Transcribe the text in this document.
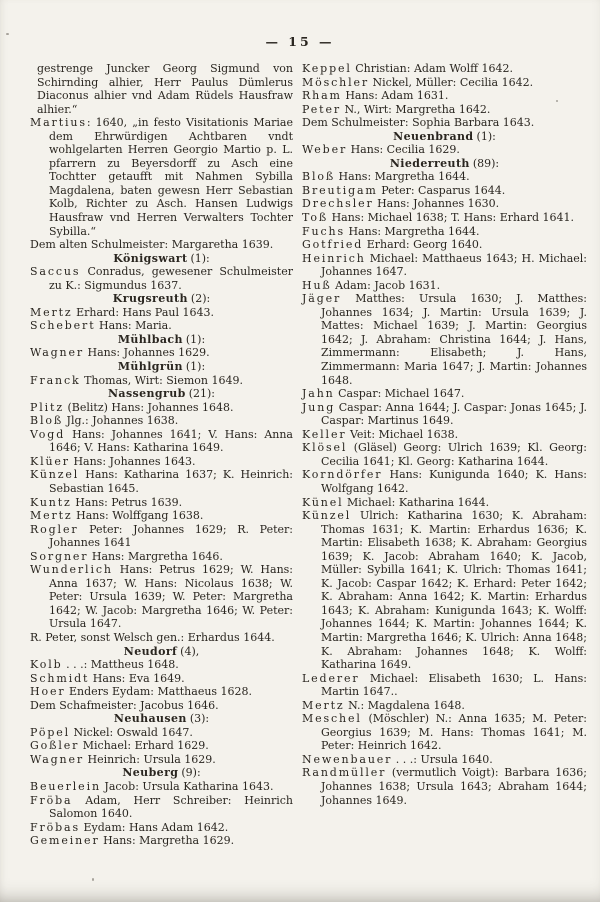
— 15 —
gestrenge Juncker Georg Sigmund von Schirnding alhier, Herr Paulus Dümlerus Diaconus alhier vnd Adam Rüdels Hausfraw alhier.“
Martius: 1640, „in festo Visitationis Mariae dem Ehrwürdigen Achtbaren vndt wohlgelarten Herren Georgio Martio p. L. pfarrern zu Beyersdorff zu Asch eine Tochtter getaufft mit Nahmen Sybilla Magdalena, baten gewesn Herr Sebastian Kolb, Richter zu Asch. Hansen Ludwigs Hausfraw vnd Herren Verwalters Tochter Sybilla.“
Dem alten Schulmeister: Margaretha 1639.
Königswart (1):
Saccus Conradus, gewesener Schulmeister zu K.: Sigmundus 1637.
Krugsreuth (2):
Mertz Erhard: Hans Paul 1643.
Schebert Hans: Maria.
Mühlbach (1):
Wagner Hans: Johannes 1629.
Mühlgrün (1):
Franck Thomas, Wirt: Siemon 1649.
Nassengrub (21):
Plitz (Belitz) Hans: Johannes 1648.
Bloß Jlg.: Johannes 1638.
Vogd Hans: Johannes 1641; V. Hans: Anna 1646; V. Hans: Katharina 1649.
Klüer Hans: Johannes 1643.
Künzel Hans: Katharina 1637; K. Heinrich: Sebastian 1645.
Kuntz Hans: Petrus 1639.
Mertz Hans: Wolffgang 1638.
Rogler Peter: Johannes 1629; R. Peter: Johannes 1641
Sorgner Hans: Margretha 1646.
Wunderlich Hans: Petrus 1629; W. Hans: Anna 1637; W. Hans: Nicolaus 1638; W. Peter: Ursula 1639; W. Peter: Margretha 1642; W. Jacob: Margretha 1646; W. Peter: Ursula 1647.
R. Peter, sonst Welsch gen.: Erhardus 1644.
Neudorf (4),
Kolb . . .: Mattheus 1648.
Schmidt Hans: Eva 1649.
Hoer Enders Eydam: Matthaeus 1628.
Dem Schafmeister: Jacobus 1646.
Neuhausen (3):
Pöpel Nickel: Oswald 1647.
Goßler Michael: Erhard 1629.
Wagner Heinrich: Ursula 1629.
Neuberg (9):
Beuerlein Jacob: Ursula Katharina 1643.
Fröba Adam, Herr Schreiber: Heinrich Salomon 1640.
Fröbas Eydam: Hans Adam 1642.
Gemeiner Hans: Margretha 1629.
Keppel Christian: Adam Wolff 1642.
Möschler Nickel, Müller: Cecilia 1642.
Rham Hans: Adam 1631.
Peter N., Wirt: Margretha 1642.
Dem Schulmeister: Sophia Barbara 1643.
Neuenbrand (1):
Weber Hans: Cecilia 1629.
Niederreuth (89):
Bloß Hans: Margretha 1644.
Breutigam Peter: Casparus 1644.
Drechsler Hans: Johannes 1630.
Toß Hans: Michael 1638; T. Hans: Erhard 1641.
Fuchs Hans: Margretha 1644.
Gotfried Erhard: Georg 1640.
Heinrich Michael: Matthaeus 1643; H. Michael: Johannes 1647.
Huß Adam: Jacob 1631.
Jäger Matthes: Ursula 1630; J. Matthes: Johannes 1634; J. Martin: Ursula 1639; J. Mattes: Michael 1639; J. Martin: Georgius 1642; J. Abraham: Christina 1644; J. Hans, Zimmermann: Elisabeth; J. Hans, Zimmermann: Maria 1647; J. Martin: Johannes 1648.
Jahn Caspar: Michael 1647.
Jung Caspar: Anna 1644; J. Caspar: Jonas 1645; J. Caspar: Martinus 1649.
Keller Veit: Michael 1638.
Klösel (Gläsel) Georg: Ulrich 1639; Kl. Georg: Cecilia 1641; Kl. Georg: Katharina 1644.
Korndörfer Hans: Kunigunda 1640; K. Hans: Wolfgang 1642.
Künel Michael: Katharina 1644.
Künzel Ulrich: Katharina 1630; K. Abraham: Thomas 1631; K. Martin: Erhardus 1636; K. Martin: Elisabeth 1638; K. Abraham: Georgius 1639; K. Jacob: Abraham 1640; K. Jacob, Müller: Sybilla 1641; K. Ulrich: Thomas 1641; K. Jacob: Caspar 1642; K. Erhard: Peter 1642; K. Abraham: Anna 1642; K. Martin: Erhardus 1643; K. Abraham: Kunigunda 1643; K. Wolff: Johannes 1644; K. Martin: Johannes 1644; K. Martin: Margretha 1646; K. Ulrich: Anna 1648; K. Abraham: Johannes 1648; K. Wolff: Katharina 1649.
Lederer Michael: Elisabeth 1630; L. Hans: Martin 1647..
Mertz N.: Magdalena 1648.
Meschel (Möschler) N.: Anna 1635; M. Peter: Georgius 1639; M. Hans: Thomas 1641; M. Peter: Heinrich 1642.
Newenbauer . . .: Ursula 1640.
Randmüller (vermutlich Voigt): Barbara 1636; Johannes 1638; Ursula 1643; Abraham 1644; Johannes 1649.
